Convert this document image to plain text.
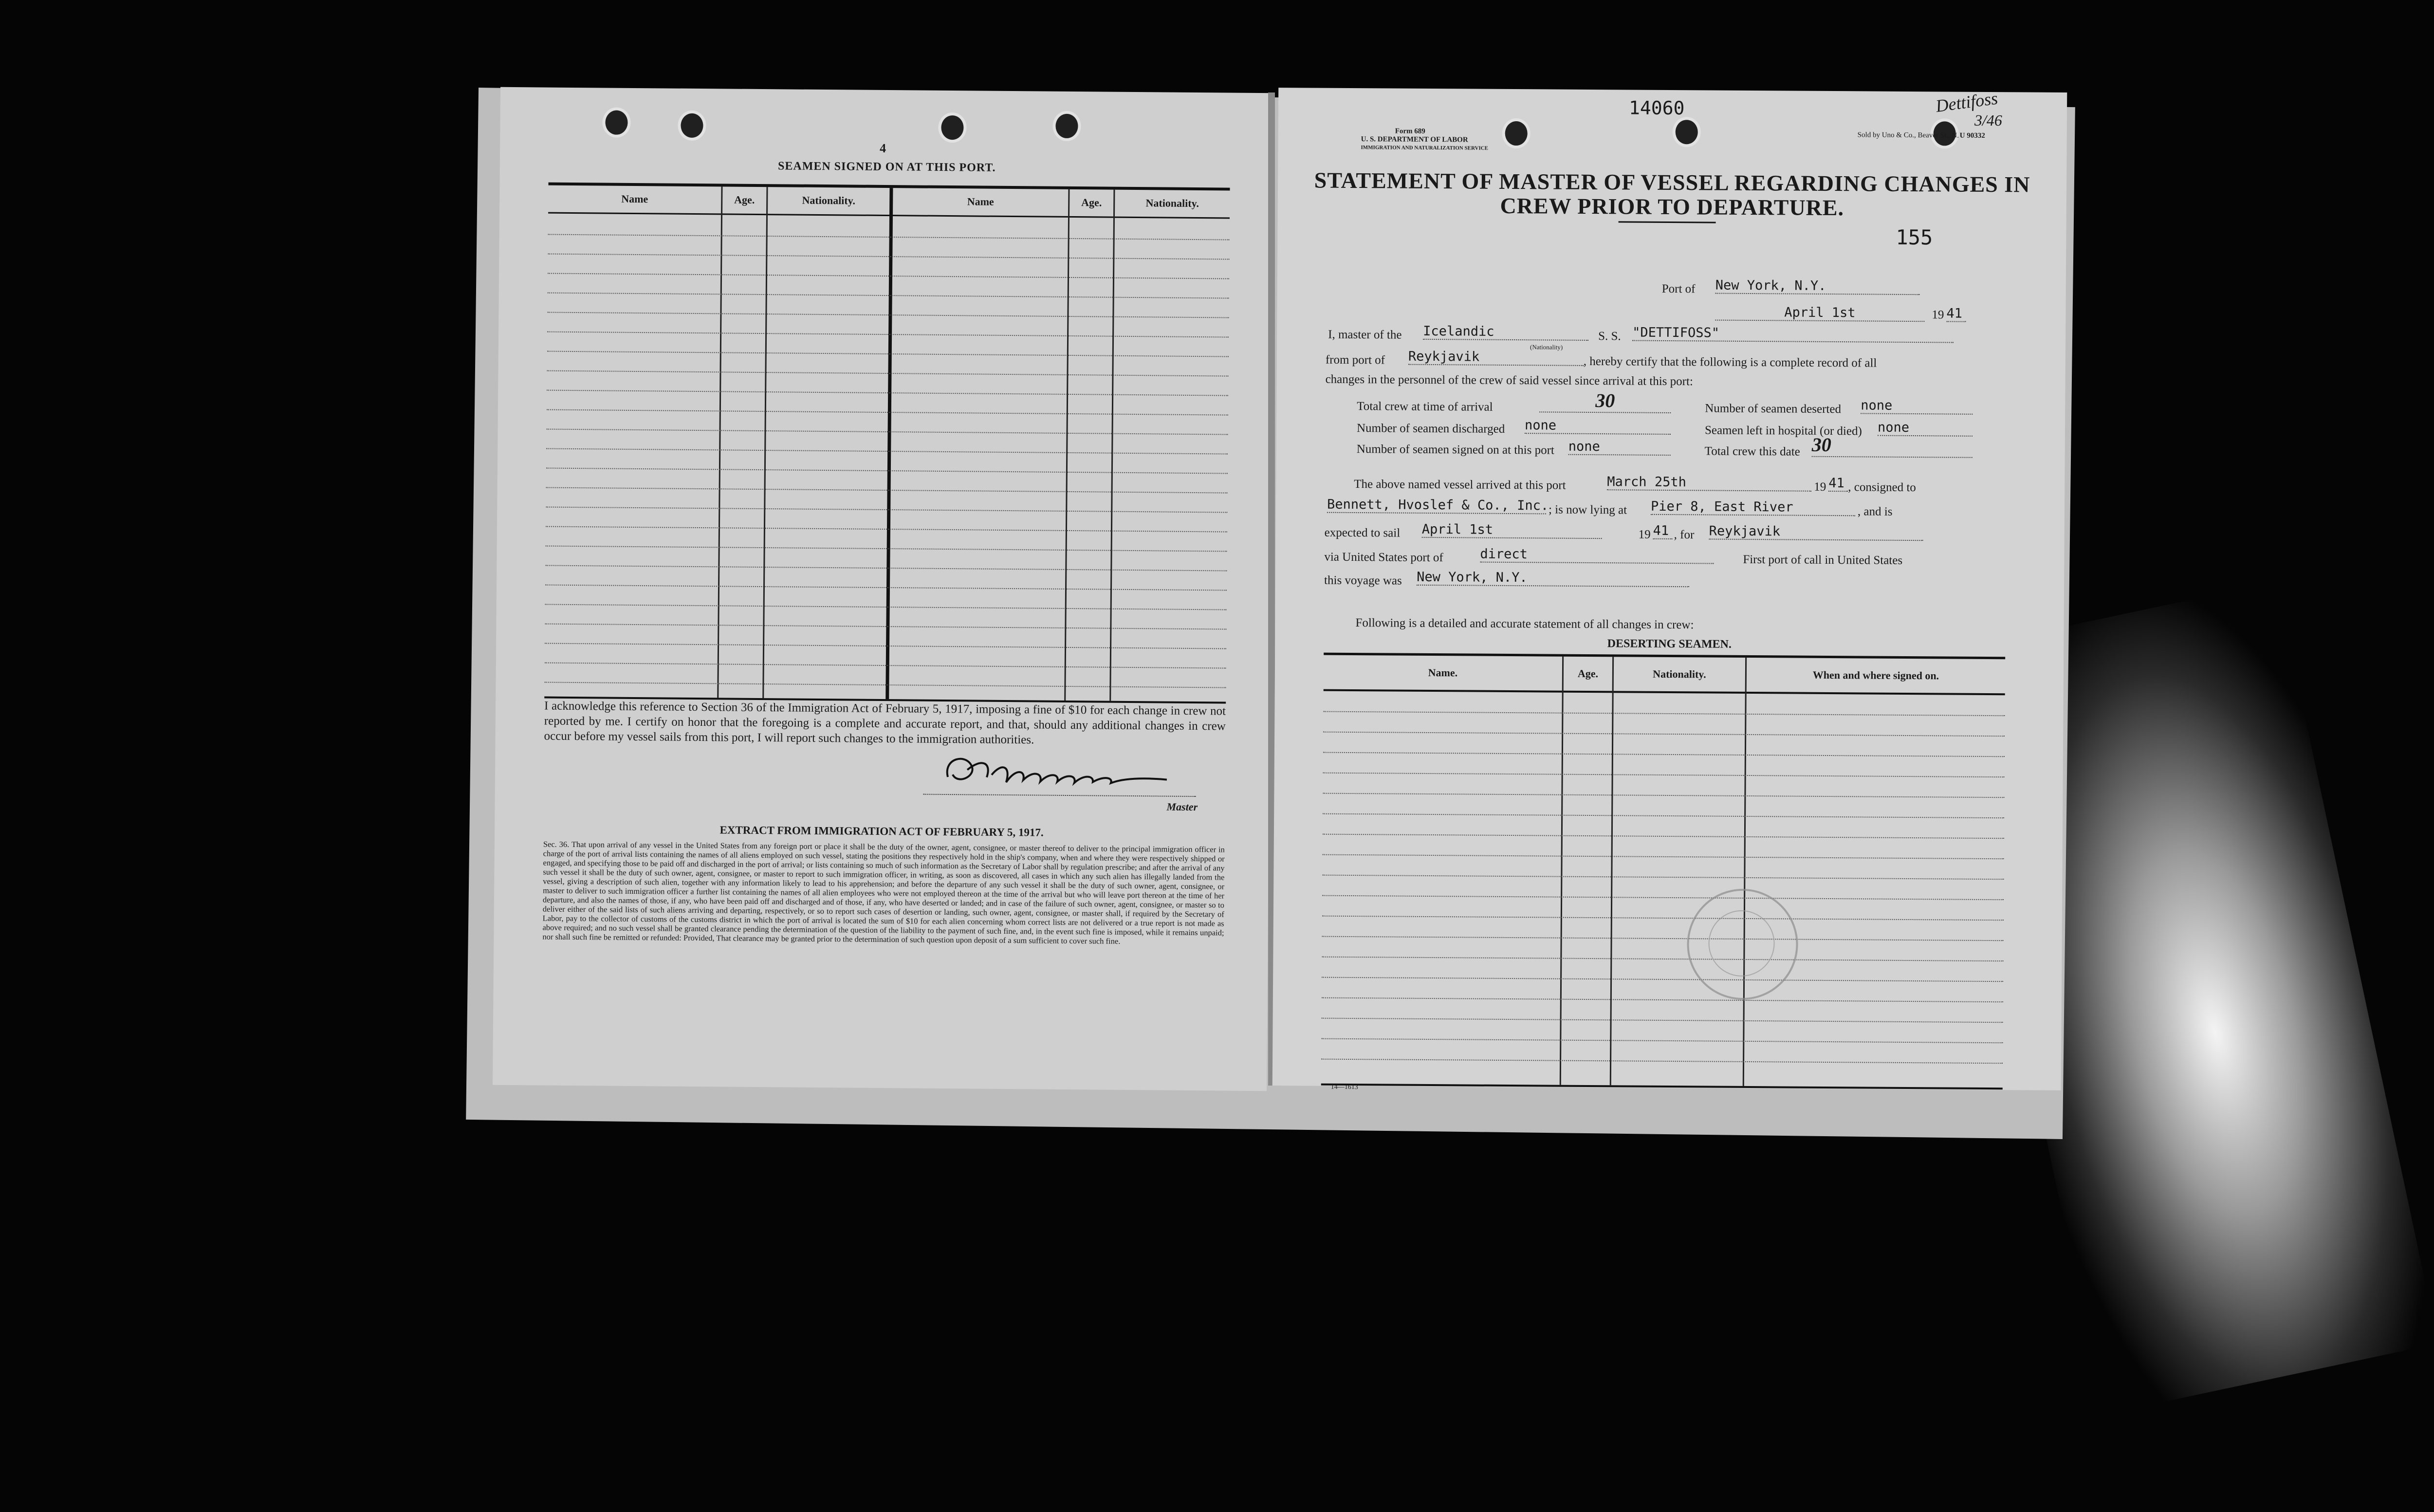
4
SEAMEN SIGNED ON AT THIS PORT.
Name	Age.	Nationality.	Name	Age.	Nationality.
I acknowledge this reference to Section 36 of the Immigration Act of February 5, 1917, imposing a fine of $10 for each change in crew not reported by me. I certify on honor that the foregoing is a complete and accurate report, and that, should any additional changes in crew occur before my vessel sails from this port, I will report such changes to the immigration authorities.
Master
EXTRACT FROM IMMIGRATION ACT OF FEBRUARY 5, 1917.
Sec. 36. That upon arrival of any vessel in the United States from any foreign port or place it shall be the duty of the owner, agent, consignee, or master thereof to deliver to the principal immigration officer in charge of the port of arrival lists containing the names of all aliens employed on such vessel, stating the positions they respectively hold in the ship's company, when and where they were respectively shipped or engaged, and specifying those to be paid off and discharged in the port of arrival; or lists containing so much of such information as the Secretary of Labor shall by regulation prescribe; and after the arrival of any such vessel it shall be the duty of such owner, agent, consignee, or master to report to such immigration officer, in writing, as soon as discovered, all cases in which any such alien has illegally landed from the vessel, giving a description of such alien, together with any information likely to lead to his apprehension; and before the departure of any such vessel it shall be the duty of such owner, agent, consignee, or master to deliver to such immigration officer a further list containing the names of all alien employees who were not employed thereon at the time of the arrival but who will leave port thereon at the time of her departure, and also the names of those, if any, who have been paid off and discharged and of those, if any, who have deserted or landed; and in case of the failure of such owner, agent, consignee, or master so to deliver either of the said lists of such aliens arriving and departing, respectively, or so to report such cases of desertion or landing, such owner, agent, consignee, or master shall, if required by the Secretary of Labor, pay to the collector of customs of the customs district in which the port of arrival is located the sum of $10 for each alien concerning whom correct lists are not delivered or a true report is not made as above required; and no such vessel shall be granted clearance pending the determination of the question of the liability to the payment of such fine, and, in the event such fine is imposed, while it remains unpaid; nor shall such fine be remitted or refunded: Provided, That clearance may be granted prior to the determination of such question upon deposit of a sum sufficient to cover such fine.
Form 689
U. S. DEPARTMENT OF LABOR
IMMIGRATION AND NATURALIZATION SERVICE
Sold by Uno & Co., Beaver St., N. U 90332
14060	Dettifoss
3/46
STATEMENT OF MASTER OF VESSEL REGARDING CHANGES IN CREW PRIOR TO DEPARTURE.
155
Port of New York, N.Y.
April 1st	19 41
I, master of the Icelandic
(Nationality)
S. S. "DETTIFOSS"
from port of Reykjavik	, hereby certify that the following is a complete record of all
changes in the personnel of the crew of said vessel since arrival at this port:
Total crew at time of arrival	30	Number of seamen deserted none
Number of seamen discharged none	Seamen left in hospital (or died) none
Number of seamen signed on at this port none	Total crew this date 30
The above named vessel arrived at this port	March 25th	19 41 , consigned to
Bennett, Hvoslef & Co., Inc. ; is now lying at Pier 8, East River	, and is
expected to sail April 1st	19 41 , for Reykjavik
via United States port of	direct	First port of call in United States
this voyage was New York, N.Y.
Following is a detailed and accurate statement of all changes in crew:
DESERTING SEAMEN.
Name.	Age.	Nationality.	When and where signed on.
14—1613
